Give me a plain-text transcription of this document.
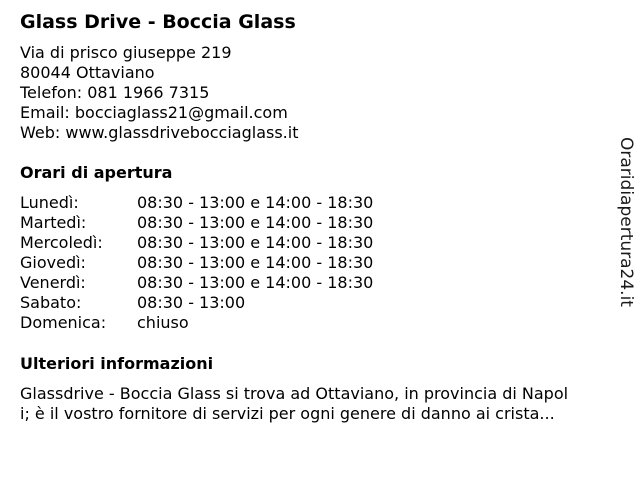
Glass Drive - Boccia Glass
Via di prisco giuseppe 219
80044 Ottaviano
Telefon: 081 1966 7315
Email: bocciaglass21@gmail.com
Web: www.glassdrivebocciaglass.it
Orari di apertura
Lunedì:	08:30 - 13:00 e 14:00 - 18:30
Martedì:	08:30 - 13:00 e 14:00 - 18:30
Mercoledì: 08:30 - 13:00 e 14:00 - 18:30
Giovedì:	08:30 - 13:00 e 14:00 - 18:30
Venerdì:	08:30 - 13:00 e 14:00 - 18:30
Sabato:	08:30 - 13:00
Domenica: chiuso
Ulteriori informazioni
Glassdrive - Boccia Glass si trova ad Ottaviano, in provincia di Napol
i; è il vostro fornitore di servizi per ogni genere di danno ai crista...
Oraridiapertura24.it
